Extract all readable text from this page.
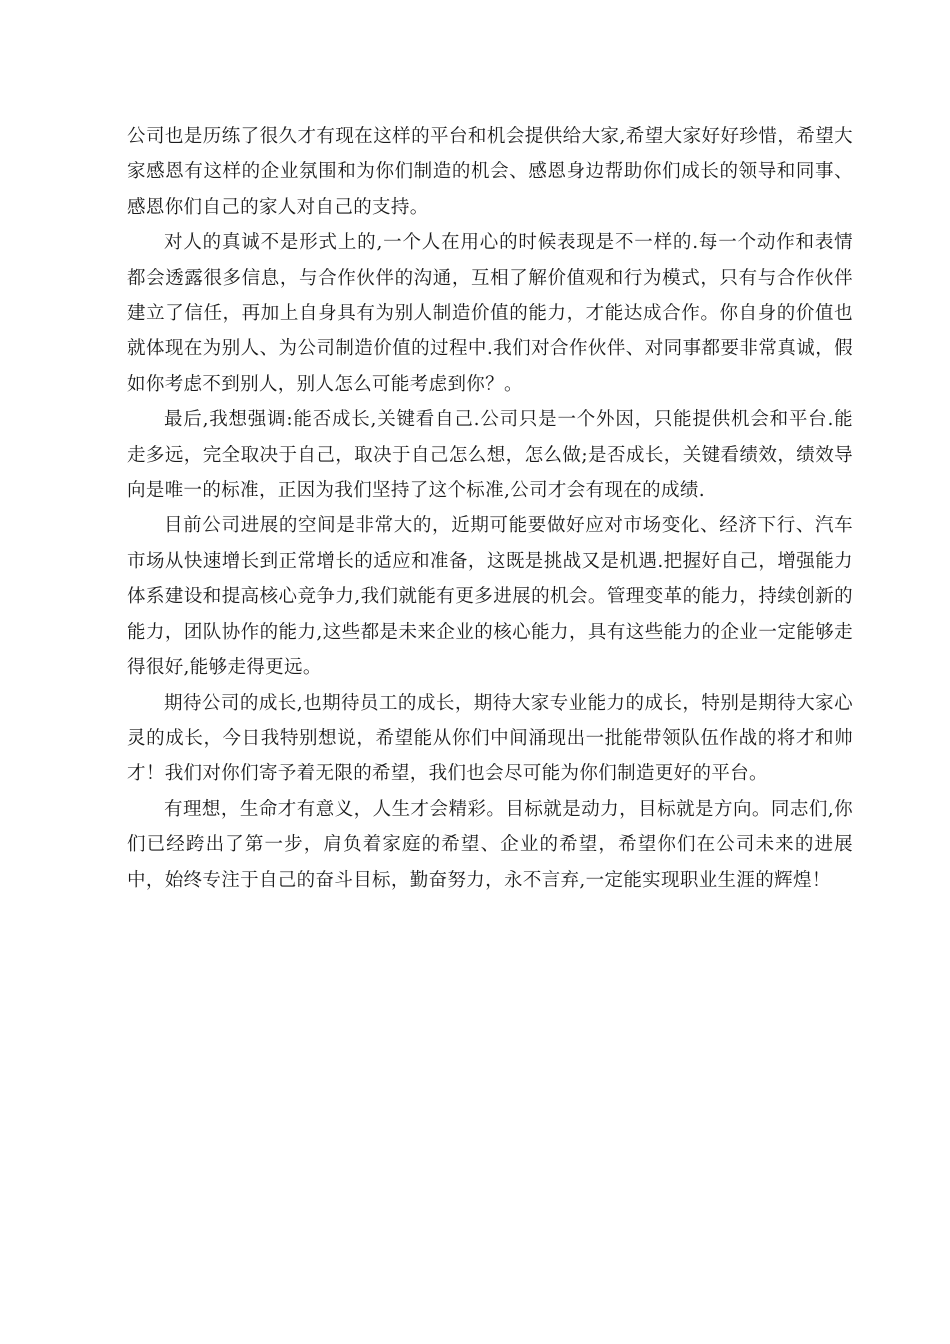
公司也是历练了很久才有现在这样的平台和机会提供给大家,希望大家好好珍惜，希望大家感恩有这样的企业氛围和为你们制造的机会、感恩身边帮助你们成长的领导和同事、感恩你们自己的家人对自己的支持。

对人的真诚不是形式上的,一个人在用心的时候表现是不一样的.每一个动作和表情都会透露很多信息，与合作伙伴的沟通，互相了解价值观和行为模式，只有与合作伙伴建立了信任，再加上自身具有为别人制造价值的能力，才能达成合作。你自身的价值也就体现在为别人、为公司制造价值的过程中.我们对合作伙伴、对同事都要非常真诚，假如你考虑不到别人，别人怎么可能考虑到你？。

最后,我想强调:能否成长,关键看自己.公司只是一个外因，只能提供机会和平台.能走多远，完全取决于自己，取决于自己怎么想，怎么做;是否成长，关键看绩效，绩效导向是唯一的标准，正因为我们坚持了这个标准,公司才会有现在的成绩.

目前公司进展的空间是非常大的，近期可能要做好应对市场变化、经济下行、汽车市场从快速增长到正常增长的适应和准备，这既是挑战又是机遇.把握好自己，增强能力体系建设和提高核心竞争力,我们就能有更多进展的机会。管理变革的能力，持续创新的能力，团队协作的能力,这些都是未来企业的核心能力，具有这些能力的企业一定能够走得很好,能够走得更远。

期待公司的成长,也期待员工的成长，期待大家专业能力的成长，特别是期待大家心灵的成长，今日我特别想说，希望能从你们中间涌现出一批能带领队伍作战的将才和帅才！我们对你们寄予着无限的希望，我们也会尽可能为你们制造更好的平台。

有理想，生命才有意义，人生才会精彩。目标就是动力，目标就是方向。同志们,你们已经跨出了第一步，肩负着家庭的希望、企业的希望，希望你们在公司未来的进展中，始终专注于自己的奋斗目标，勤奋努力，永不言弃,一定能实现职业生涯的辉煌！
